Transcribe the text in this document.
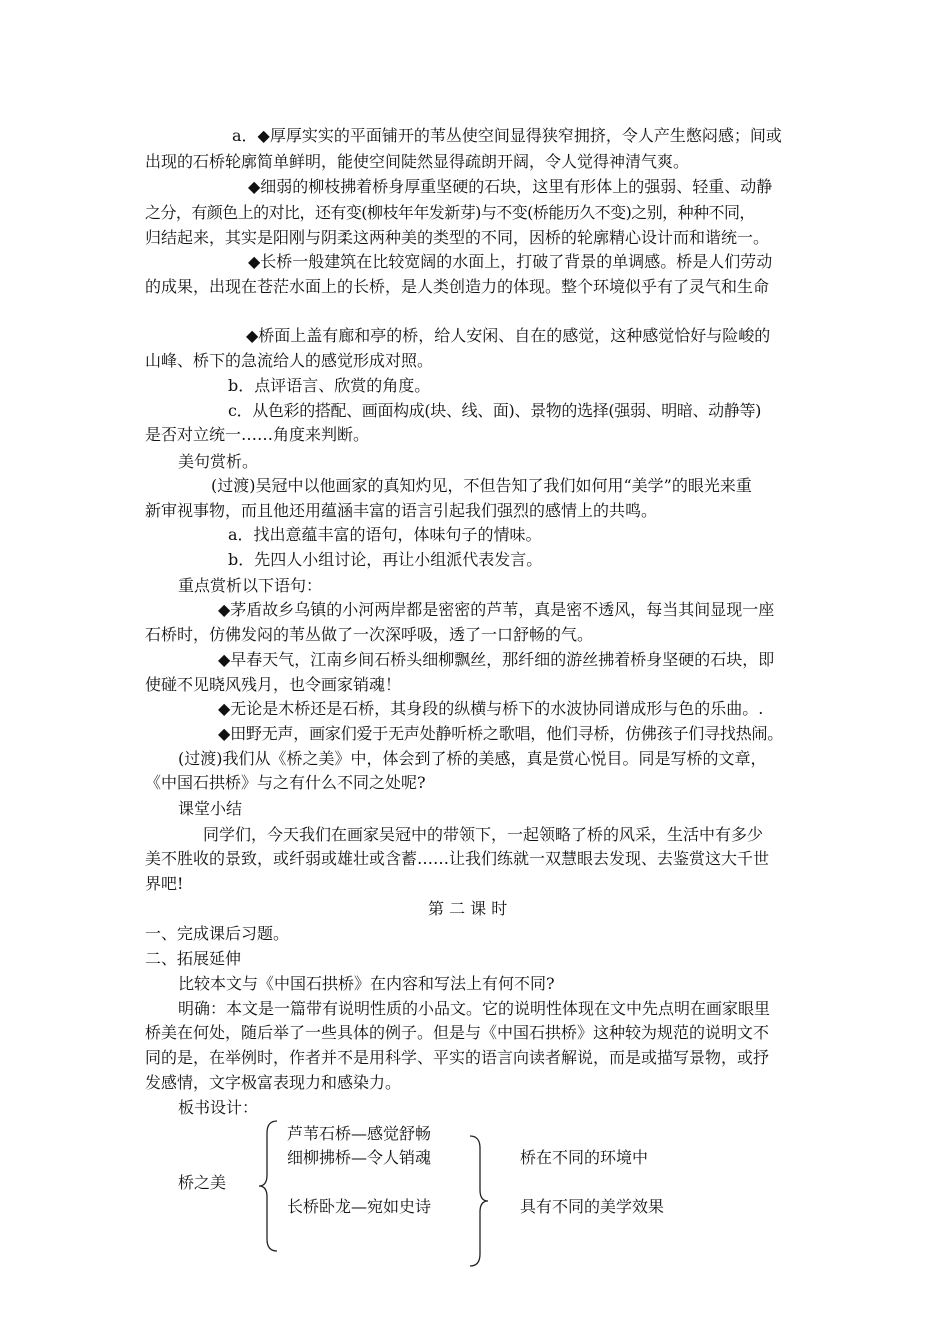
a．◆厚厚实实的平面铺开的苇丛使空间显得狭窄拥挤，令人产生憋闷感；间或
出现的石桥轮廓简单鲜明，能使空间陡然显得疏朗开阔，令人觉得神清气爽。
◆细弱的柳枝拂着桥身厚重坚硬的石块，这里有形体上的强弱、轻重、动静
之分，有颜色上的对比，还有变(柳枝年年发新芽)与不变(桥能历久不变)之别，种种不同，
归结起来，其实是阳刚与阴柔这两种美的类型的不同，因桥的轮廓精心设计而和谐统一。
◆长桥一般建筑在比较宽阔的水面上，打破了背景的单调感。桥是人们劳动
的成果，出现在苍茫水面上的长桥，是人类创造力的体现。整个环境似乎有了灵气和生命
◆桥面上盖有廊和亭的桥，给人安闲、自在的感觉，这种感觉恰好与险峻的
山峰、桥下的急流给人的感觉形成对照。
b．点评语言、欣赏的角度。
c．从色彩的搭配、画面构成(块、线、面)、景物的选择(强弱、明暗、动静等)
是否对立统一……角度来判断。
美句赏析。
(过渡)吴冠中以他画家的真知灼见，不但告知了我们如何用“美学”的眼光来重
新审视事物，而且他还用蕴涵丰富的语言引起我们强烈的感情上的共鸣。
a．找出意蕴丰富的语句，体味句子的情味。
b．先四人小组讨论，再让小组派代表发言。
重点赏析以下语句：
◆茅盾故乡乌镇的小河两岸都是密密的芦苇，真是密不透风，每当其间显现一座
石桥时，仿佛发闷的苇丛做了一次深呼吸，透了一口舒畅的气。
◆早春天气，江南乡间石桥头细柳飘丝，那纤细的游丝拂着桥身坚硬的石块，即
使碰不见晓风残月，也令画家销魂！
◆无论是木桥还是石桥，其身段的纵横与桥下的水波协同谱成形与色的乐曲。.
◆田野无声，画家们爱于无声处静听桥之歌唱，他们寻桥，仿佛孩子们寻找热闹。
(过渡)我们从《桥之美》中，体会到了桥的美感，真是赏心悦目。同是写桥的文章，
《中国石拱桥》与之有什么不同之处呢?
课堂小结
同学们，今天我们在画家吴冠中的带领下，一起领略了桥的风采，生活中有多少
美不胜收的景致，或纤弱或雄壮或含蓄……让我们练就一双慧眼去发现、去鉴赏这大千世
界吧!
第 二 课 时
一、完成课后习题。
二、拓展延伸
比较本文与《中国石拱桥》在内容和写法上有何不同?
明确：本文是一篇带有说明性质的小品文。它的说明性体现在文中先点明在画家眼里
桥美在何处，随后举了一些具体的例子。但是与《中国石拱桥》这种较为规范的说明文不
同的是，在举例时，作者并不是用科学、平实的语言向读者解说，而是或描写景物，或抒
发感情，文字极富表现力和感染力。
板书设计：
桥之美
芦苇石桥—感觉舒畅
细柳拂桥—令人销魂
长桥卧龙—宛如史诗
桥在不同的环境中
具有不同的美学效果
